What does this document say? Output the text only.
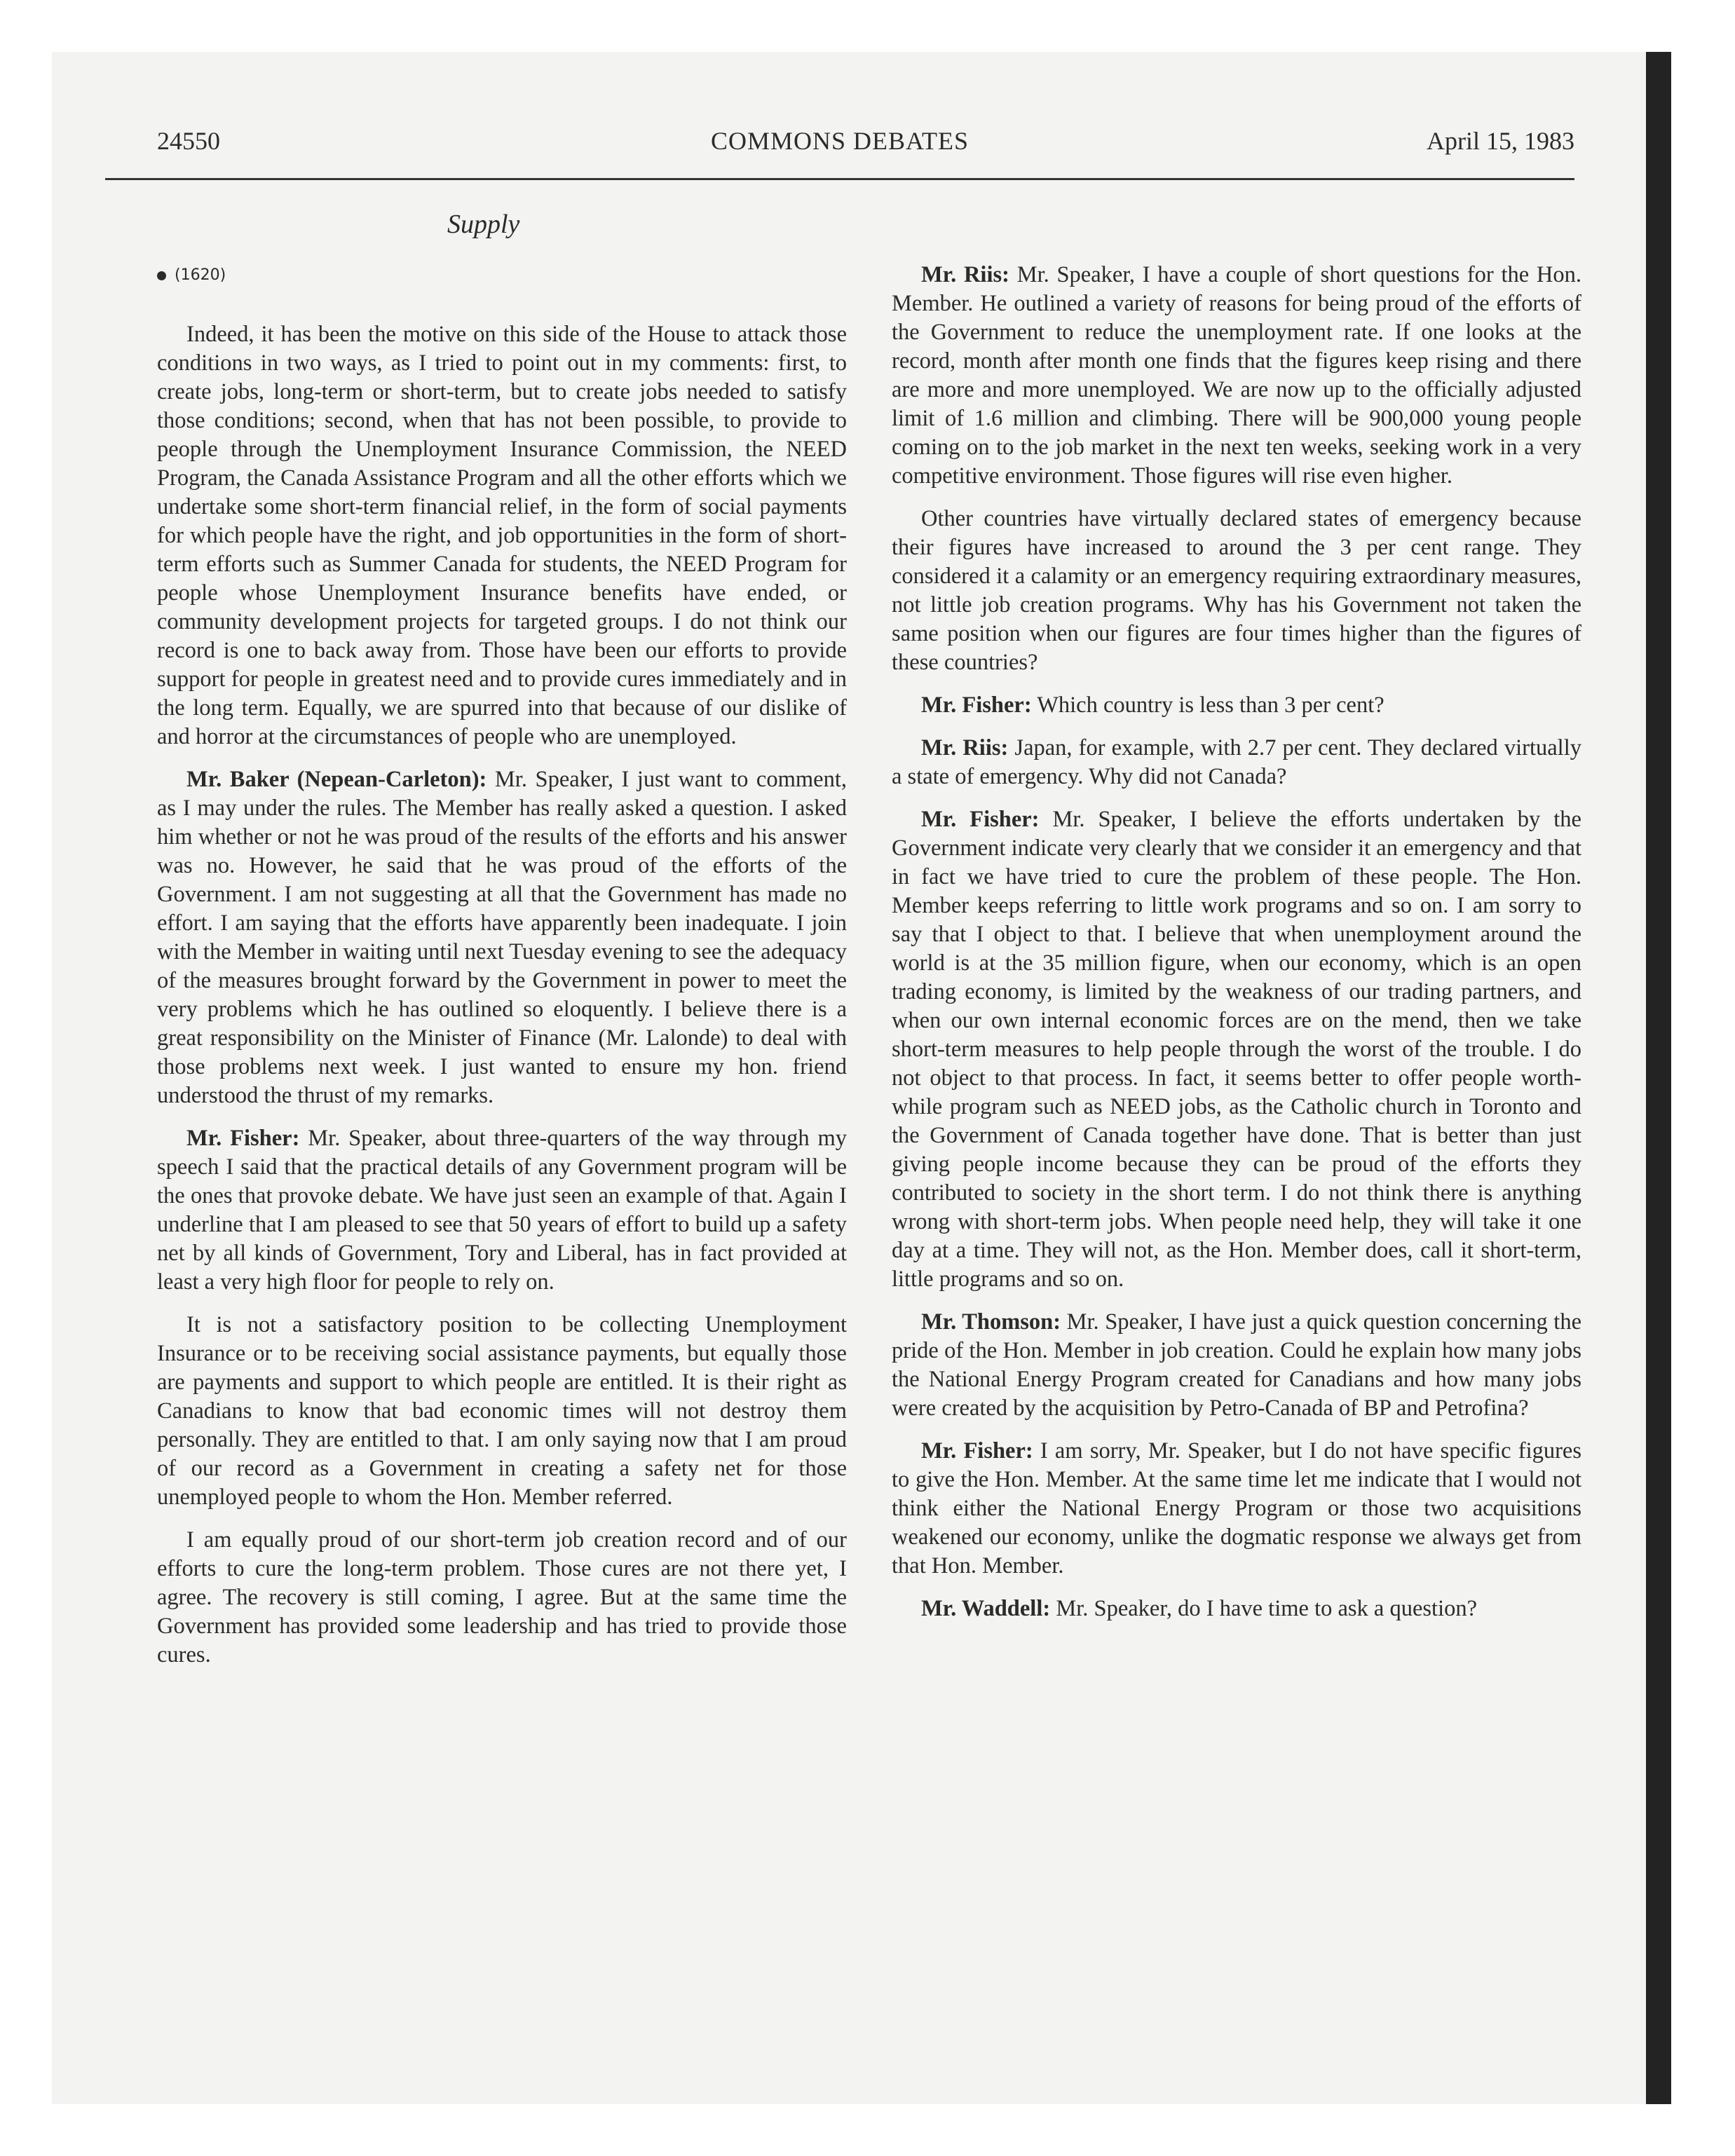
24550	COMMONS DEBATES	April 15, 1983
Supply
(1620)

Indeed, it has been the motive on this side of the House to attack those conditions in two ways, as I tried to point out in my comments: first, to create jobs, long-term or short-term, but to create jobs needed to satisfy those conditions; second, when that has not been possible, to provide to people through the Unemployment Insurance Commission, the NEED Program, the Canada Assistance Program and all the other efforts which we undertake some short-term financial relief, in the form of social payments for which people have the right, and job opportunities in the form of short-term efforts such as Summer Canada for students, the NEED Program for people whose Unemployment Insurance benefits have ended, or community development projects for targeted groups. I do not think our record is one to back away from. Those have been our efforts to provide support for people in greatest need and to provide cures immediately and in the long term. Equally, we are spurred into that because of our dislike of and horror at the circumstances of people who are unemployed.

Mr. Baker (Nepean-Carleton): Mr. Speaker, I just want to comment, as I may under the rules. The Member has really asked a question. I asked him whether or not he was proud of the results of the efforts and his answer was no. However, he said that he was proud of the efforts of the Government. I am not suggesting at all that the Government has made no effort. I am saying that the efforts have apparently been inadequate. I join with the Member in waiting until next Tuesday evening to see the adequacy of the measures brought forward by the Government in power to meet the very problems which he has outlined so eloquently. I believe there is a great responsibility on the Minister of Finance (Mr. Lalonde) to deal with those problems next week. I just wanted to ensure my hon. friend understood the thrust of my remarks.

Mr. Fisher: Mr. Speaker, about three-quarters of the way through my speech I said that the practical details of any Government program will be the ones that provoke debate. We have just seen an example of that. Again I underline that I am pleased to see that 50 years of effort to build up a safety net by all kinds of Government, Tory and Liberal, has in fact provided at least a very high floor for people to rely on.

It is not a satisfactory position to be collecting Unemployment Insurance or to be receiving social assistance payments, but equally those are payments and support to which people are entitled. It is their right as Canadians to know that bad economic times will not destroy them personally. They are entitled to that. I am only saying now that I am proud of our record as a Government in creating a safety net for those unemployed people to whom the Hon. Member referred.

I am equally proud of our short-term job creation record and of our efforts to cure the long-term problem. Those cures are not there yet, I agree. The recovery is still coming, I agree. But at the same time the Government has provided some leadership and has tried to provide those cures.

Mr. Riis: Mr. Speaker, I have a couple of short questions for the Hon. Member. He outlined a variety of reasons for being proud of the efforts of the Government to reduce the unemployment rate. If one looks at the record, month after month one finds that the figures keep rising and there are more and more unemployed. We are now up to the officially adjusted limit of 1.6 million and climbing. There will be 900,000 young people coming on to the job market in the next ten weeks, seeking work in a very competitive environment. Those figures will rise even higher.

Other countries have virtually declared states of emergency because their figures have increased to around the 3 per cent range. They considered it a calamity or an emergency requiring extraordinary measures, not little job creation programs. Why has his Government not taken the same position when our figures are four times higher than the figures of these countries?

Mr. Fisher: Which country is less than 3 per cent?

Mr. Riis: Japan, for example, with 2.7 per cent. They declared virtually a state of emergency. Why did not Canada?

Mr. Fisher: Mr. Speaker, I believe the efforts undertaken by the Government indicate very clearly that we consider it an emergency and that in fact we have tried to cure the problem of these people. The Hon. Member keeps referring to little work programs and so on. I am sorry to say that I object to that. I believe that when unemployment around the world is at the 35 million figure, when our economy, which is an open trading economy, is limited by the weakness of our trading partners, and when our own internal economic forces are on the mend, then we take short-term measures to help people through the worst of the trouble. I do not object to that process. In fact, it seems better to offer people worth-while program such as NEED jobs, as the Catholic church in Toronto and the Government of Canada together have done. That is better than just giving people income because they can be proud of the efforts they contributed to society in the short term. I do not think there is anything wrong with short-term jobs. When people need help, they will take it one day at a time. They will not, as the Hon. Member does, call it short-term, little programs and so on.

Mr. Thomson: Mr. Speaker, I have just a quick question concerning the pride of the Hon. Member in job creation. Could he explain how many jobs the National Energy Program created for Canadians and how many jobs were created by the acquisition by Petro-Canada of BP and Petrofina?

Mr. Fisher: I am sorry, Mr. Speaker, but I do not have specific figures to give the Hon. Member. At the same time let me indicate that I would not think either the National Energy Program or those two acquisitions weakened our economy, unlike the dogmatic response we always get from that Hon. Member.

Mr. Waddell: Mr. Speaker, do I have time to ask a question?
